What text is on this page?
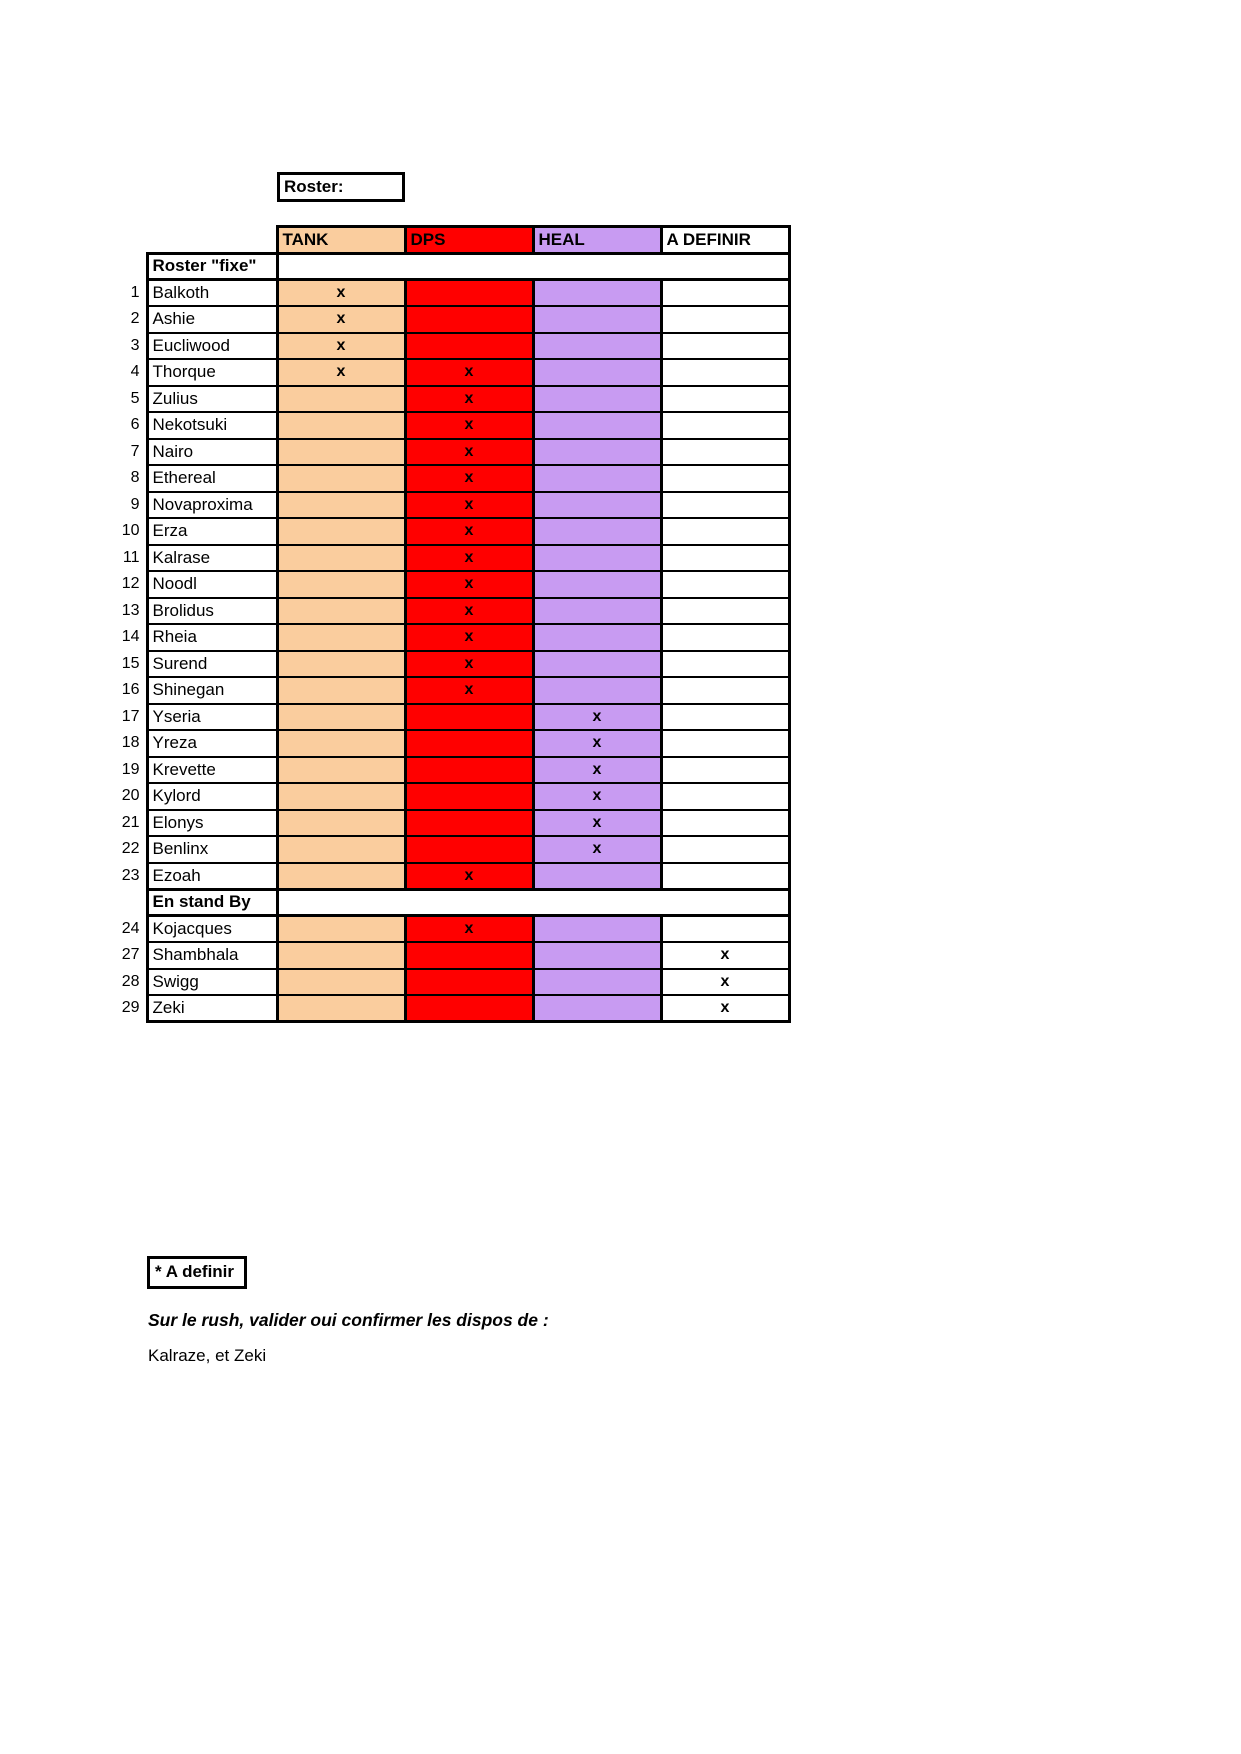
Roster:
		TANK	DPS	HEAL	A DEFINIR
	Roster "fixe"				
1	Balkoth	x			
2	Ashie	x			
3	Eucliwood	x			
4	Thorque	x	x		
5	Zulius		x		
6	Nekotsuki		x		
7	Nairo		x		
8	Ethereal		x		
9	Novaproxima		x		
10	Erza		x		
11	Kalrase		x		
12	Noodl		x		
13	Brolidus		x		
14	Rheia		x		
15	Surend		x		
16	Shinegan		x		
17	Yseria			x	
18	Yreza			x	
19	Krevette			x	
20	Kylord			x	
21	Elonys			x	
22	Benlinx			x	
23	Ezoah		x		
	En stand By				
24	Kojacques		x		
27	Shambhala				x
28	Swigg				x
29	Zeki				x
* A definir
Sur le rush, valider oui confirmer les dispos de :
Kalraze, et Zeki
